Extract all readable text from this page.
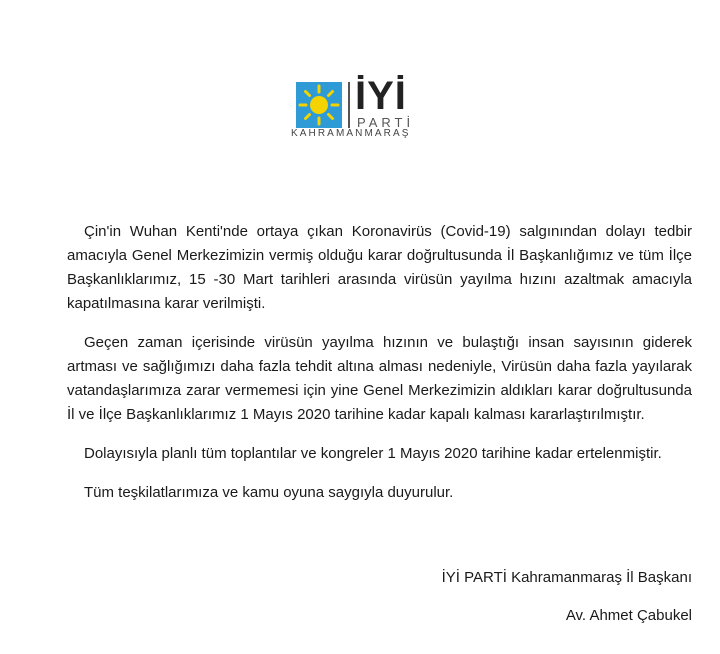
İYİ
PARTİ
KAHRAMANMARAŞ

Çin'in Wuhan Kenti'nde ortaya çıkan Koronavirüs (Covid-19) salgınından dolayı tedbir amacıyla Genel Merkezimizin vermiş olduğu karar doğrultusunda İl Başkanlığımız ve tüm İlçe Başkanlıklarımız, 15 -30 Mart tarihleri arasında virüsün yayılma hızını azaltmak amacıyla kapatılmasına karar verilmişti.

Geçen zaman içerisinde virüsün yayılma hızının ve bulaştığı insan sayısının giderek artması ve sağlığımızı daha fazla tehdit altına alması nedeniyle, Virüsün daha fazla yayılarak vatandaşlarımıza zarar vermemesi için yine Genel Merkezimizin aldıkları karar doğrultusunda İl ve İlçe Başkanlıklarımız 1 Mayıs 2020 tarihine kadar kapalı kalması kararlaştırılmıştır.

Dolayısıyla planlı tüm toplantılar ve kongreler 1 Mayıs 2020 tarihine kadar ertelenmiştir.

Tüm teşkilatlarımıza ve kamu oyuna saygıyla duyurulur.

İYİ PARTİ Kahramanmaraş İl Başkanı
Av. Ahmet Çabukel
